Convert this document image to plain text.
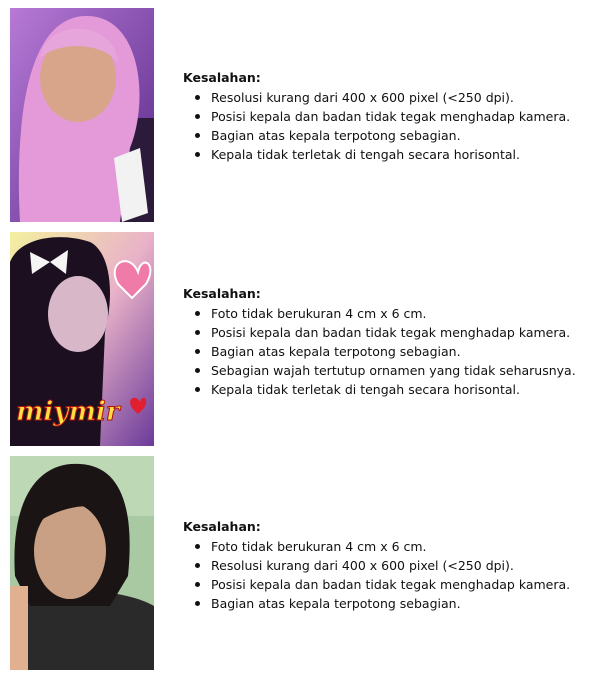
miymir
Kesalahan:
Resolusi kurang dari 400 x 600 pixel (<250 dpi).
Posisi kepala dan badan tidak tegak menghadap kamera.
Bagian atas kepala terpotong sebagian.
Kepala tidak terletak di tengah secara horisontal.
Kesalahan:
Foto tidak berukuran 4 cm x 6 cm.
Posisi kepala dan badan tidak tegak menghadap kamera.
Bagian atas kepala terpotong sebagian.
Sebagian wajah tertutup ornamen yang tidak seharusnya.
Kepala tidak terletak di tengah secara horisontal.
Kesalahan:
Foto tidak berukuran 4 cm x 6 cm.
Resolusi kurang dari 400 x 600 pixel (<250 dpi).
Posisi kepala dan badan tidak tegak menghadap kamera.
Bagian atas kepala terpotong sebagian.
